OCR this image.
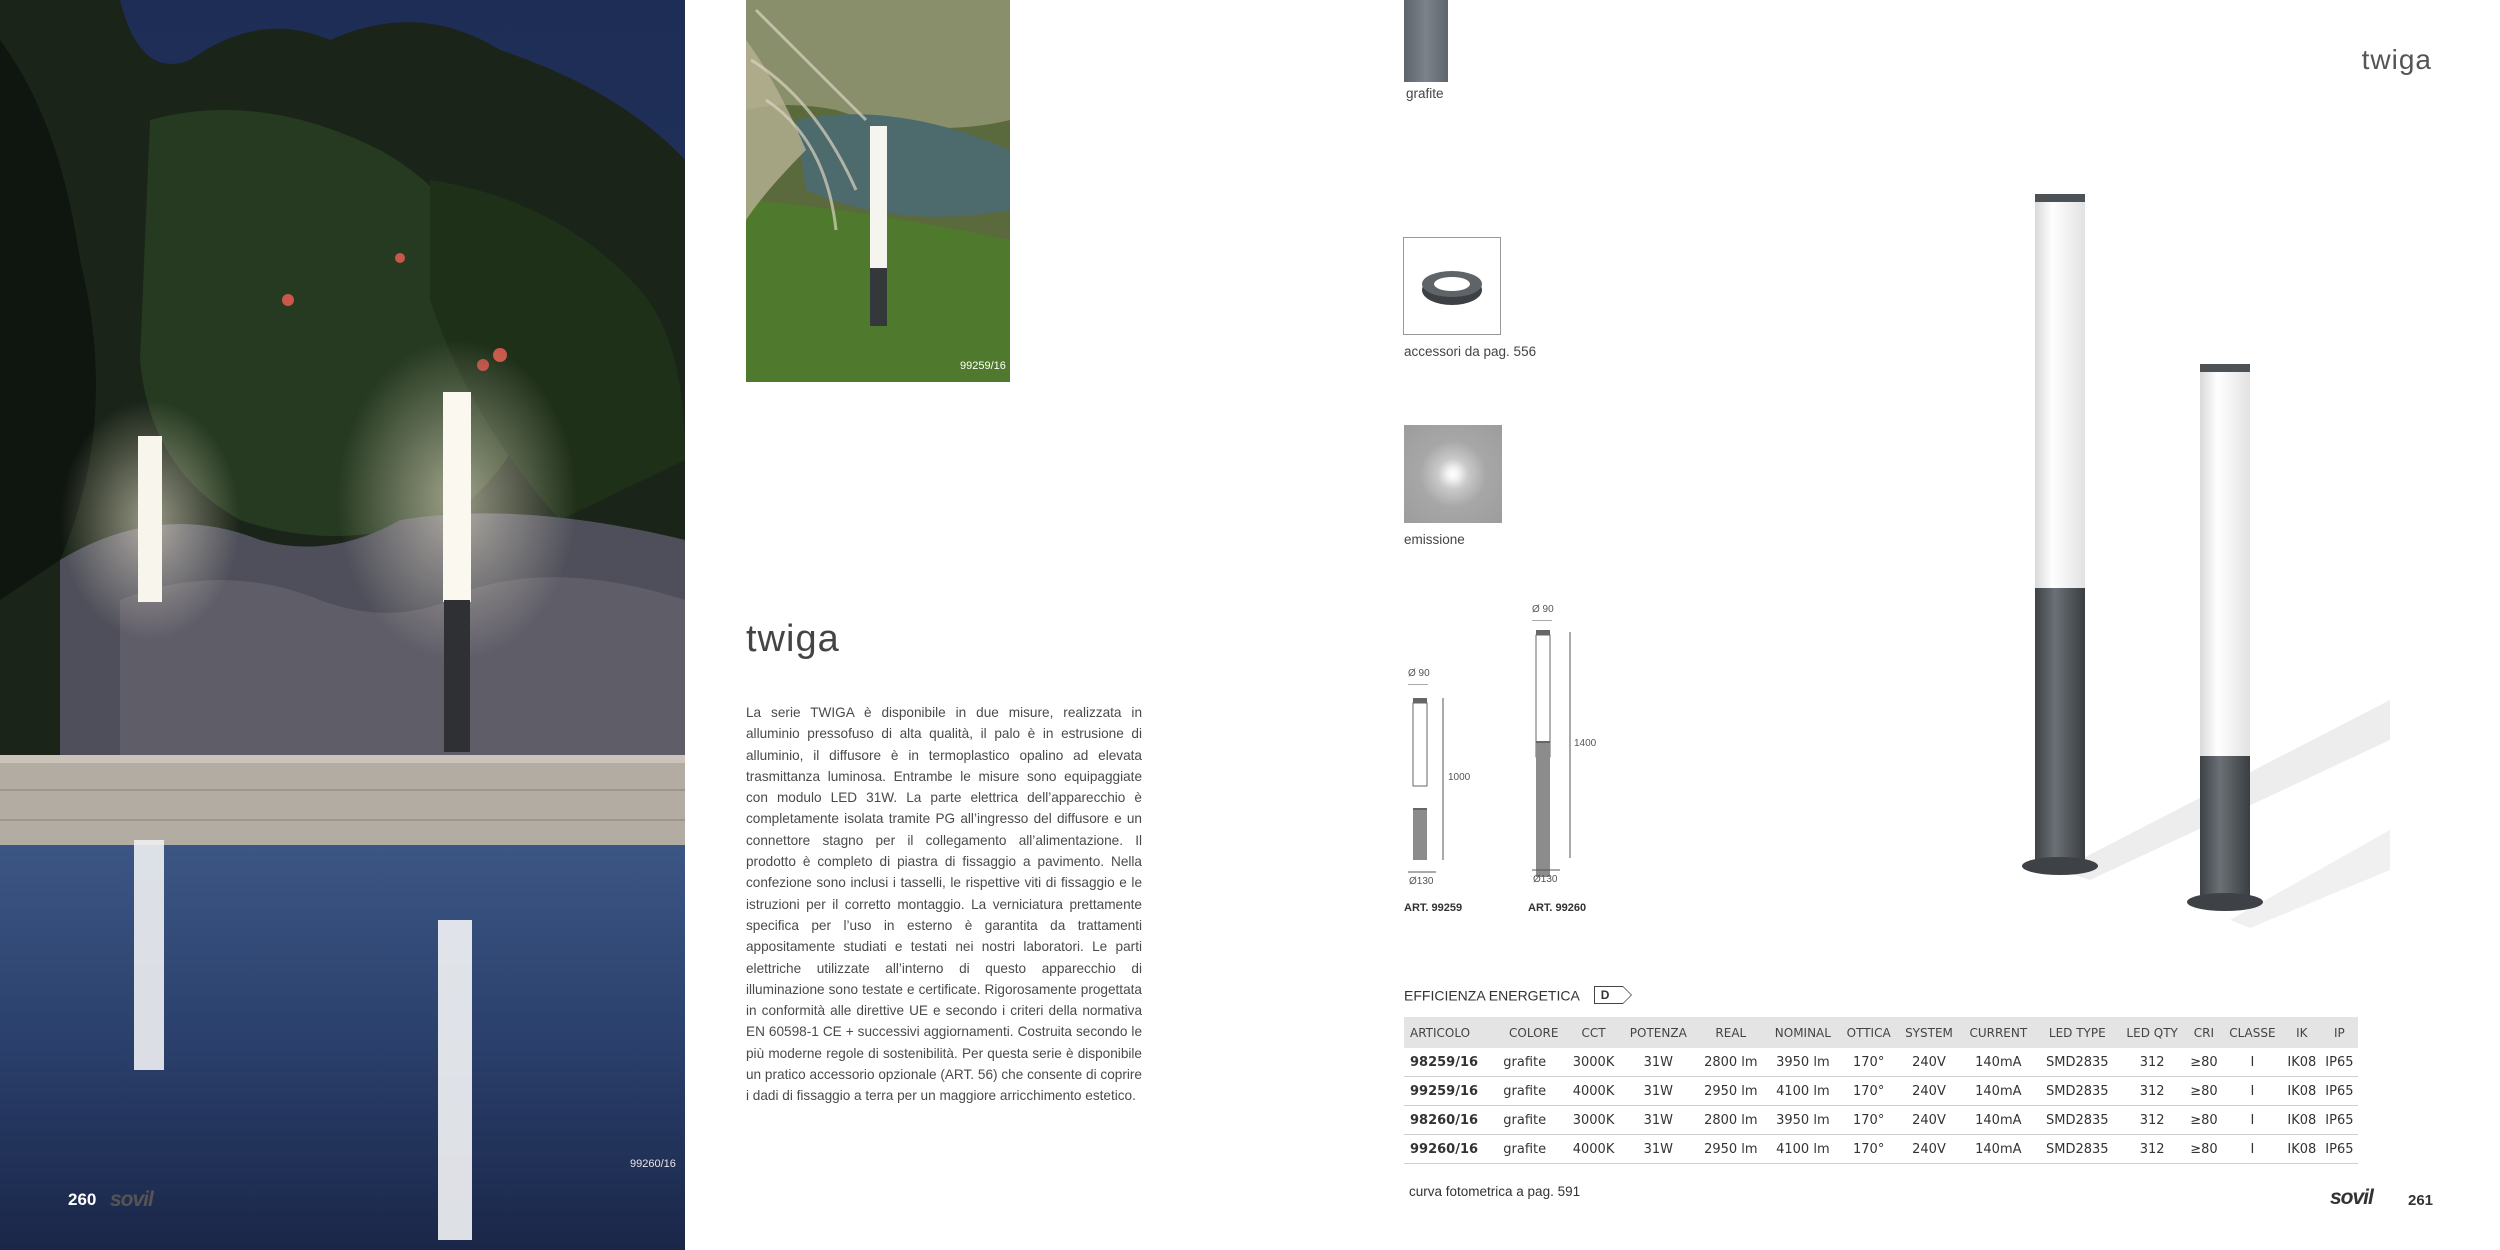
260 sovil
99260/16
99259/16
twiga
La serie TWIGA è disponibile in due misure, realizzata in alluminio pressofuso di alta qualità, il palo è in estrusione di alluminio, il diffusore è in termoplastico opalino ad elevata trasmittanza luminosa. Entrambe le misure sono equipaggiate con modulo LED 31W. La parte elettrica dell’apparecchio è completamente isolata tramite PG all’ingresso del diffusore e un connettore stagno per il collegamento all’alimentazione. Il prodotto è completo di piastra di fissaggio a pavimento. Nella confezione sono inclusi i tasselli, le rispettive viti di fissaggio e le istruzioni per il corretto montaggio. La verniciatura prettamente specifica per l’uso in esterno è garantita da trattamenti appositamente studiati e testati nei nostri laboratori. Le parti elettriche utilizzate all’interno di questo apparecchio di illuminazione sono testate e certificate. Rigorosamente progettata in conformità alle direttive UE e secondo i criteri della normativa EN 60598-1 CE + successivi aggiornamenti. Costruita secondo le più moderne regole di sostenibilità. Per questa serie è disponibile un pratico accessorio opzionale (ART. 56) che consente di coprire i dadi di fissaggio a terra per un maggiore arricchimento estetico.
grafite
accessori da pag. 556
emissione
twiga
Ø 90
1000
Ø130
ART. 99259
Ø 90
1400
Ø130
ART. 99260
EFFICIENZA ENERGETICA D
ARTICOLO	COLORE	CCT	POTENZA	REAL	NOMINAL	OTTICA	SYSTEM	CURRENT	LED TYPE	LED QTY	CRI	CLASSE	IK	IP
98259/16	grafite	3000K	31W	2800 lm	3950 lm	170°	240V	140mA	SMD2835	312	≥80	I	IK08	IP65
99259/16	grafite	4000K	31W	2950 lm	4100 lm	170°	240V	140mA	SMD2835	312	≥80	I	IK08	IP65
98260/16	grafite	3000K	31W	2800 lm	3950 lm	170°	240V	140mA	SMD2835	312	≥80	I	IK08	IP65
99260/16	grafite	4000K	31W	2950 lm	4100 lm	170°	240V	140mA	SMD2835	312	≥80	I	IK08	IP65
curva fotometrica a pag. 591	sovil 261
